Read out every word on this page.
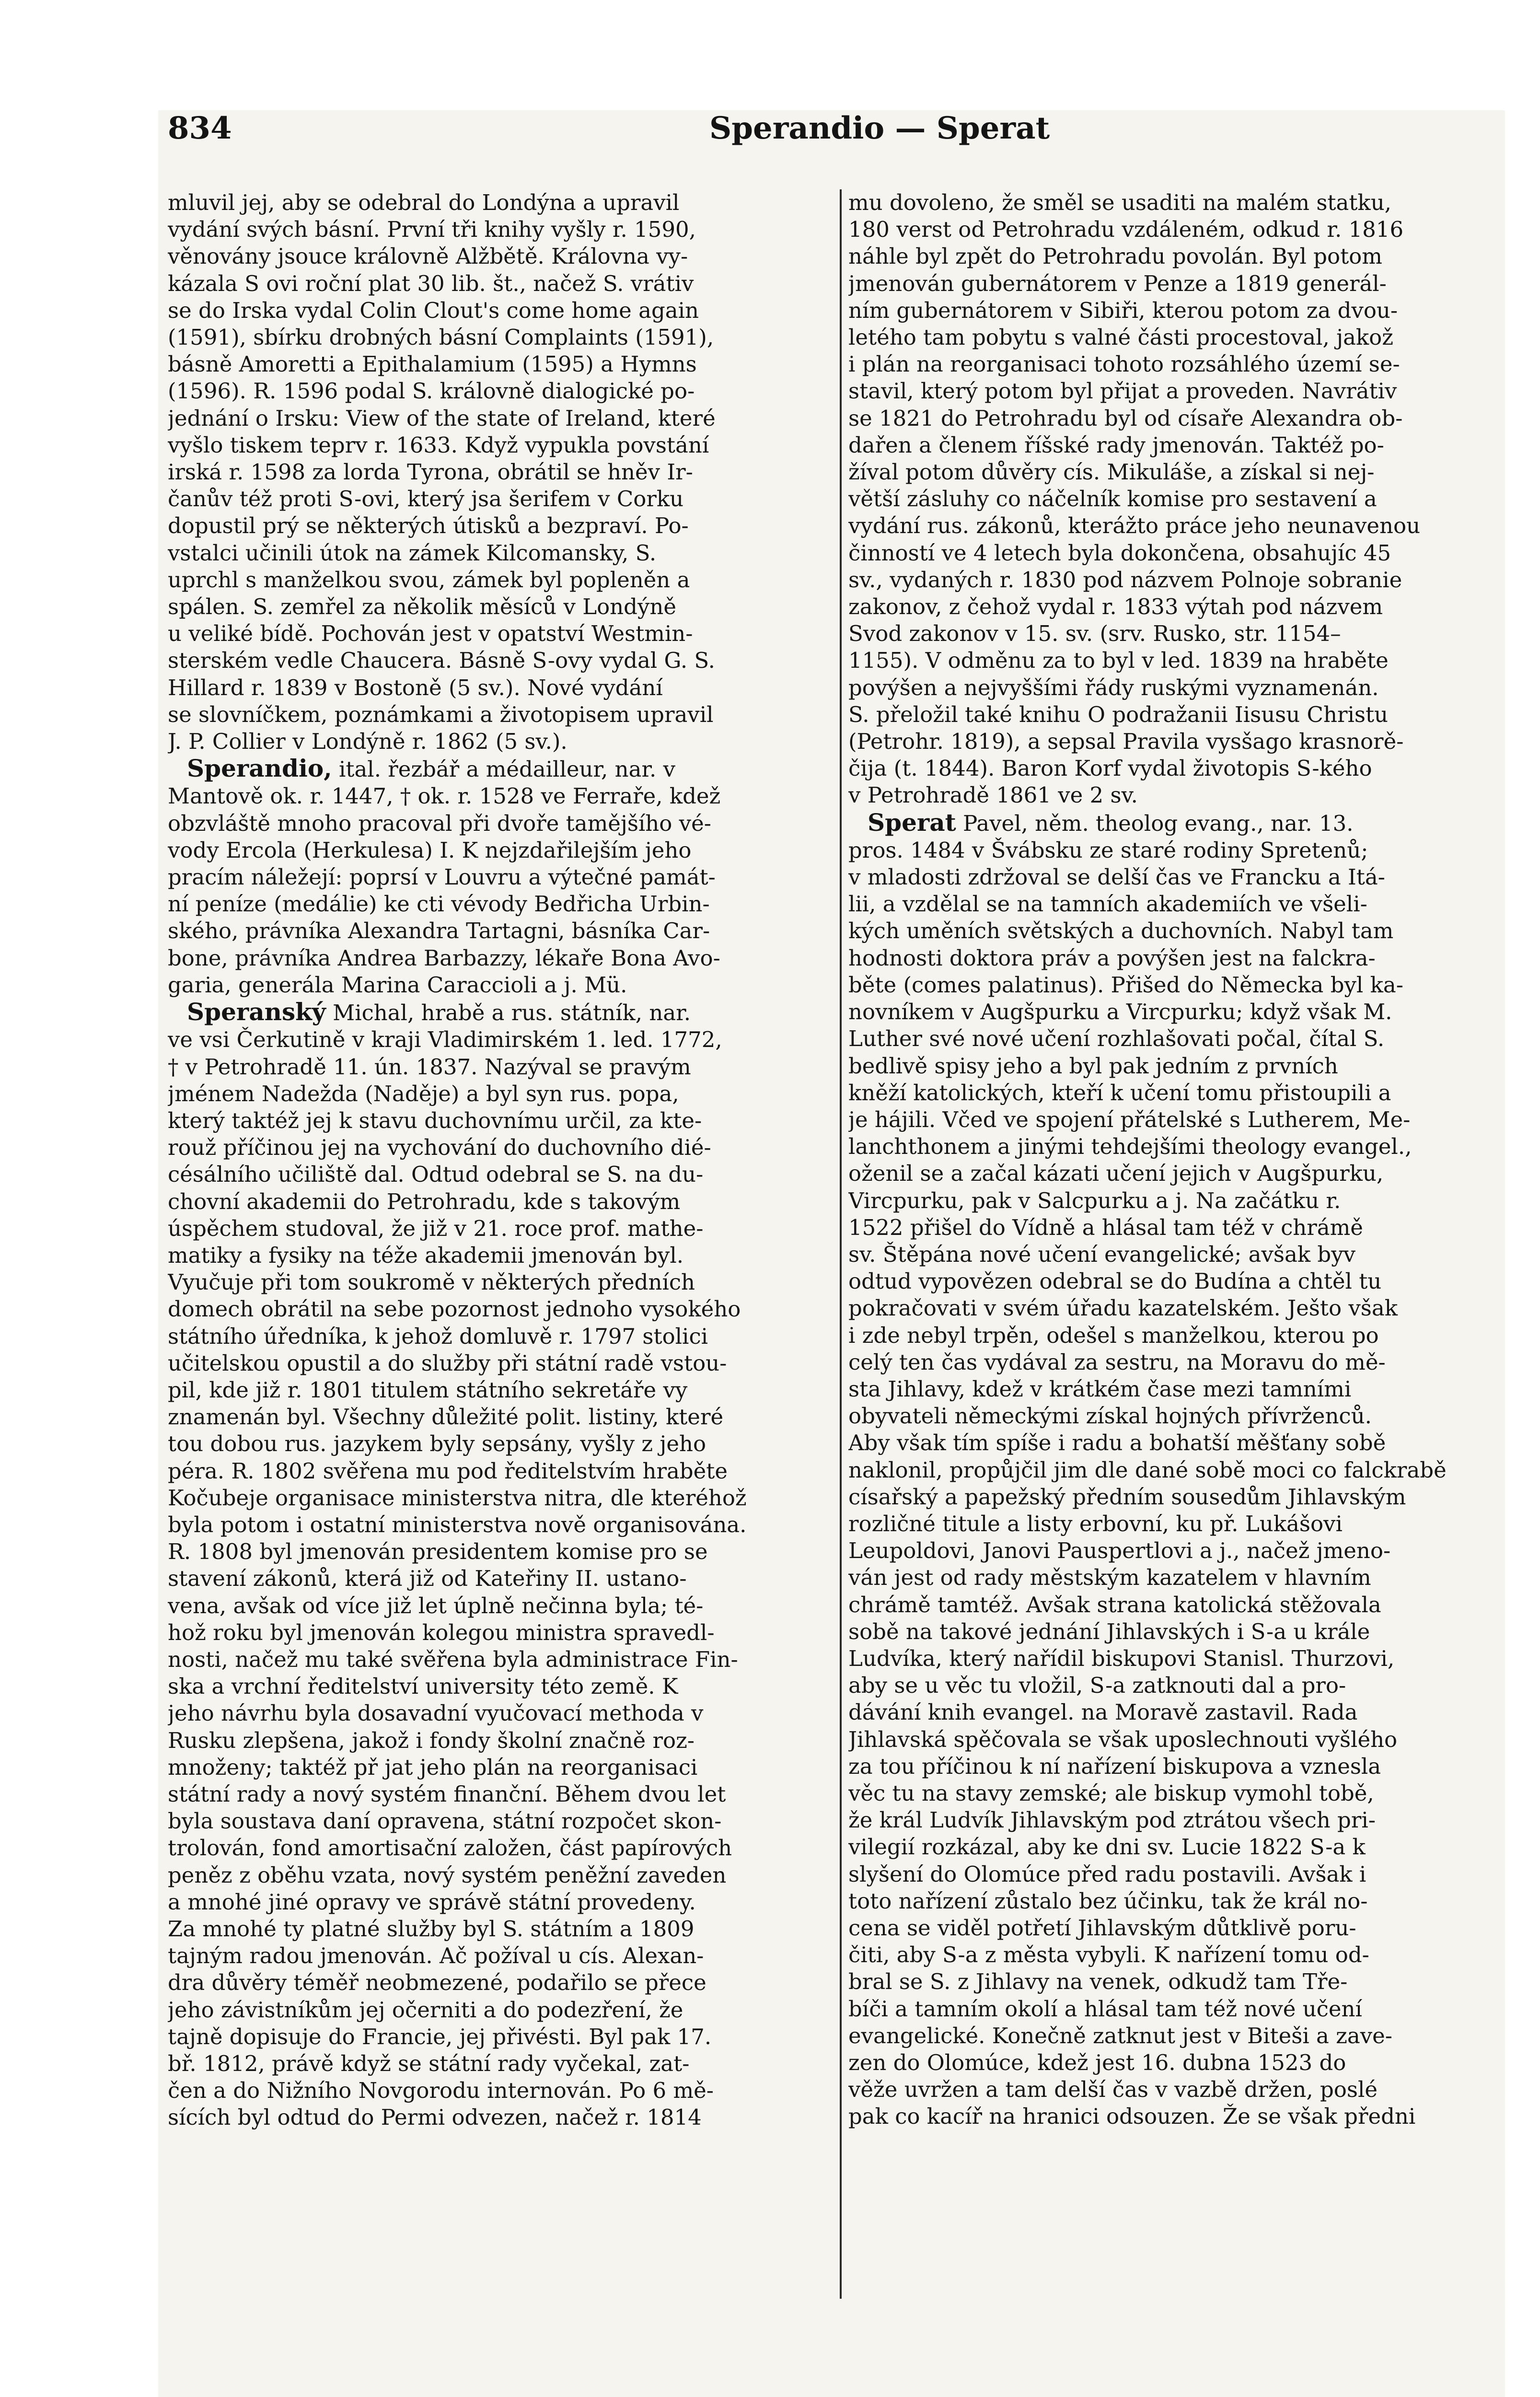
834	Sperandio — Sperat
mluvil jej, aby se odebral do Londýna a upravil
vydání svých básní. První tři knihy vyšly r. 1590,
věnovány jsouce královně Alžbětě. Královna vy-
kázala S ovi roční plat 30 lib. št., načež S. vrátiv
se do Irska vydal Colin Clout's come home again
(1591), sbírku drobných básní Complaints (1591),
básně Amoretti a Epithalamium (1595) a Hymns
(1596). R. 1596 podal S. královně dialogické po-
jednání o Irsku: View of the state of Ireland, které
vyšlo tiskem teprv r. 1633. Když vypukla povstání
irská r. 1598 za lorda Tyrona, obrátil se hněv Ir-
čanův též proti S-ovi, který jsa šerifem v Corku
dopustil prý se některých útisků a bezpraví. Po-
vstalci učinili útok na zámek Kilcomansky, S.
uprchl s manželkou svou, zámek byl popleněn a
spálen. S. zemřel za několik měsíců v Londýně
u veliké bídě. Pochován jest v opatství Westmin-
sterském vedle Chaucera. Básně S-ovy vydal G. S.
Hillard r. 1839 v Bostoně (5 sv.). Nové vydání
se slovníčkem, poznámkami a životopisem upravil
J. P. Collier v Londýně r. 1862 (5 sv.).
Sperandio, ital. řezbář a médailleur, nar. v
Mantově ok. r. 1447, † ok. r. 1528 ve Ferraře, kdež
obzvláště mnoho pracoval při dvoře tamějšího vé-
vody Ercola (Herkulesa) I. K nejzdařilejším jeho
pracím náležejí: poprsí v Louvru a výtečné památ-
ní peníze (medálie) ke cti vévody Bedřicha Urbin-
ského, právníka Alexandra Tartagni, básníka Car-
bone, právníka Andrea Barbazzy, lékaře Bona Avo-
garia, generála Marina Caraccioli a j. Mü.
Speranský Michal, hrabě a rus. státník, nar.
ve vsi Čerkutině v kraji Vladimirském 1. led. 1772,
† v Petrohradě 11. ún. 1837. Nazýval se pravým
jménem Nadežda (Naděje) a byl syn rus. popa,
který taktéž jej k stavu duchovnímu určil, za kte-
rouž příčinou jej na vychování do duchovního dié-
césálního učiliště dal. Odtud odebral se S. na du-
chovní akademii do Petrohradu, kde s takovým
úspěchem studoval, že již v 21. roce prof. mathe-
matiky a fysiky na téže akademii jmenován byl.
Vyučuje při tom soukromě v některých předních
domech obrátil na sebe pozornost jednoho vysokého
státního úředníka, k jehož domluvě r. 1797 stolici
učitelskou opustil a do služby při státní radě vstou-
pil, kde již r. 1801 titulem státního sekretáře vy
znamenán byl. Všechny důležité polit. listiny, které
tou dobou rus. jazykem byly sepsány, vyšly z jeho
péra. R. 1802 svěřena mu pod ředitelstvím hraběte
Kočubeje organisace ministerstva nitra, dle kteréhož
byla potom i ostatní ministerstva nově organisována.
R. 1808 byl jmenován presidentem komise pro se
stavení zákonů, která již od Kateřiny II. ustano-
vena, avšak od více již let úplně nečinna byla; té-
hož roku byl jmenován kolegou ministra spravedl-
nosti, načež mu také svěřena byla administrace Fin-
ska a vrchní ředitelství university této země. K
jeho návrhu byla dosavadní vyučovací methoda v
Rusku zlepšena, jakož i fondy školní značně roz-
množeny; taktéž př jat jeho plán na reorganisaci
státní rady a nový systém finanční. Během dvou let
byla soustava daní opravena, státní rozpočet skon-
trolován, fond amortisační založen, část papírových
peněz z oběhu vzata, nový systém peněžní zaveden
a mnohé jiné opravy ve správě státní provedeny.
Za mnohé ty platné služby byl S. státním a 1809
tajným radou jmenován. Ač požíval u cís. Alexan-
dra důvěry téměř neobmezené, podařilo se přece
jeho závistníkům jej očerniti a do podezření, že
tajně dopisuje do Francie, jej přivésti. Byl pak 17.
bř. 1812, právě když se státní rady vyčekal, zat-
čen a do Nižního Novgorodu internován. Po 6 mě-
sících byl odtud do Permi odvezen, načež r. 1814
mu dovoleno, že směl se usaditi na malém statku,
180 verst od Petrohradu vzdáleném, odkud r. 1816
náhle byl zpět do Petrohradu povolán. Byl potom
jmenován gubernátorem v Penze a 1819 generál-
ním gubernátorem v Sibiři, kterou potom za dvou-
letého tam pobytu s valné části procestoval, jakož
i plán na reorganisaci tohoto rozsáhlého území se-
stavil, který potom byl přijat a proveden. Navrátiv
se 1821 do Petrohradu byl od císaře Alexandra ob-
dařen a členem říšské rady jmenován. Taktéž po-
žíval potom důvěry cís. Mikuláše, a získal si nej-
větší zásluhy co náčelník komise pro sestavení a
vydání rus. zákonů, kterážto práce jeho neunavenou
činností ve 4 letech byla dokončena, obsahujíc 45
sv., vydaných r. 1830 pod názvem Polnoje sobranie
zakonov, z čehož vydal r. 1833 výtah pod názvem
Svod zakonov v 15. sv. (srv. Rusko, str. 1154–
1155). V odměnu za to byl v led. 1839 na hraběte
povýšen a nejvyššími řády ruskými vyznamenán.
S. přeložil také knihu O podražanii Iisusu Christu
(Petrohr. 1819), a sepsal Pravila vysšago krasnorě-
čija (t. 1844). Baron Korf vydal životopis S-kého
v Petrohradě 1861 ve 2 sv.
Sperat Pavel, něm. theolog evang., nar. 13.
pros. 1484 v Švábsku ze staré rodiny Spretenů;
v mladosti zdržoval se delší čas ve Francku a Itá-
lii, a vzdělal se na tamních akademiích ve všeli-
kých uměních světských a duchovních. Nabyl tam
hodnosti doktora práv a povýšen jest na falckra-
běte (comes palatinus). Přišed do Německa byl ka-
novníkem v Augšpurku a Vircpurku; když však M.
Luther své nové učení rozhlašovati počal, čítal S.
bedlivě spisy jeho a byl pak jedním z prvních
kněží katolických, kteří k učení tomu přistoupili a
je hájili. Včed ve spojení přátelské s Lutherem, Me-
lanchthonem a jinými tehdejšími theology evangel.,
oženil se a začal kázati učení jejich v Augšpurku,
Vircpurku, pak v Salcpurku a j. Na začátku r.
1522 přišel do Vídně a hlásal tam též v chrámě
sv. Štěpána nové učení evangelické; avšak byv
odtud vypovězen odebral se do Budína a chtěl tu
pokračovati v svém úřadu kazatelském. Ješto však
i zde nebyl trpěn, odešel s manželkou, kterou po
celý ten čas vydával za sestru, na Moravu do mě-
sta Jihlavy, kdež v krátkém čase mezi tamními
obyvateli německými získal hojných přívrženců.
Aby však tím spíše i radu a bohatší měšťany sobě
naklonil, propůjčil jim dle dané sobě moci co falckrabě
císařský a papežský předním sousedům Jihlavským
rozličné titule a listy erbovní, ku př. Lukášovi
Leupoldovi, Janovi Pauspertlovi a j., načež jmeno-
ván jest od rady městským kazatelem v hlavním
chrámě tamtéž. Avšak strana katolická stěžovala
sobě na takové jednání Jihlavských i S-a u krále
Ludvíka, který nařídil biskupovi Stanisl. Thurzovi,
aby se u věc tu vložil, S-a zatknouti dal a pro-
dávání knih evangel. na Moravě zastavil. Rada
Jihlavská spěčovala se však uposlechnouti vyšlého
za tou příčinou k ní nařízení biskupova a vznesla
věc tu na stavy zemské; ale biskup vymohl tobě,
že král Ludvík Jihlavským pod ztrátou všech pri-
vilegií rozkázal, aby ke dni sv. Lucie 1822 S-a k
slyšení do Olomúce před radu postavili. Avšak i
toto nařízení zůstalo bez účinku, tak že král no-
cena se viděl potřetí Jihlavským důtklivě poru-
čiti, aby S-a z města vybyli. K nařízení tomu od-
bral se S. z Jihlavy na venek, odkudž tam Tře-
bíči a tamním okolí a hlásal tam též nové učení
evangelické. Konečně zatknut jest v Biteši a zave-
zen do Olomúce, kdež jest 16. dubna 1523 do
věže uvržen a tam delší čas v vazbě držen, poslé
pak co kacíř na hranici odsouzen. Že se však předni
